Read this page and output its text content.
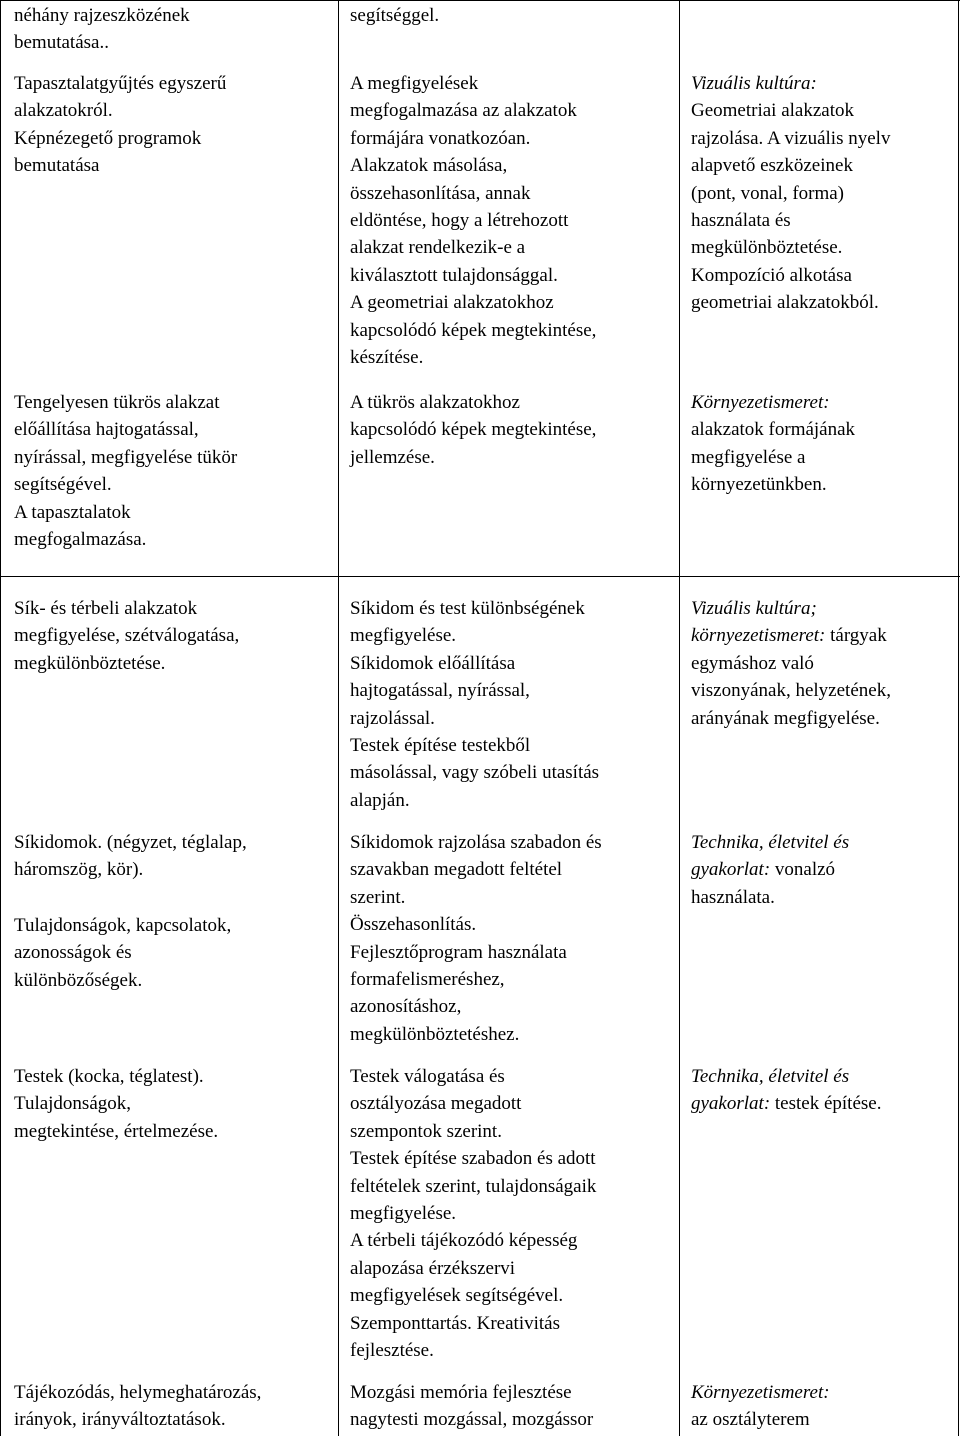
néhány rajzeszközének
bemutatása..
Tapasztalatgyűjtés egyszerű
alakzatokról.
Képnézegető programok
bemutatása
segítséggel.
A megfigyelések
megfogalmazása az alakzatok
formájára vonatkozóan.
Alakzatok másolása,
összehasonlítása, annak
eldöntése, hogy a létrehozott
alakzat rendelkezik-e a
kiválasztott tulajdonsággal.
A geometriai alakzatokhoz
kapcsolódó képek megtekintése,
készítése.
Vizuális kultúra:
Geometriai alakzatok
rajzolása. A vizuális nyelv
alapvető eszközeinek
(pont, vonal, forma)
használata és
megkülönböztetése.
Kompozíció alkotása
geometriai alakzatokból.
Tengelyesen tükrös alakzat
előállítása hajtogatással,
nyírással, megfigyelése tükör
segítségével.
A tapasztalatok
megfogalmazása.
A tükrös alakzatokhoz
kapcsolódó képek megtekintése,
jellemzése.
Környezetismeret:
alakzatok formájának
megfigyelése a
környezetünkben.
Sík- és térbeli alakzatok
megfigyelése, szétválogatása,
megkülönböztetése.
Síkidom és test különbségének
megfigyelése.
Síkidomok előállítása
hajtogatással, nyírással,
rajzolással.
Testek építése testekből
másolással, vagy szóbeli utasítás
alapján.
Vizuális kultúra;
környezetismeret: tárgyak
egymáshoz való
viszonyának, helyzetének,
arányának megfigyelése.
Síkidomok. (négyzet, téglalap,
háromszög, kör).
Tulajdonságok, kapcsolatok,
azonosságok és
különbözőségek.
Síkidomok rajzolása szabadon és
szavakban megadott feltétel
szerint.
Összehasonlítás.
Fejlesztőprogram használata
formafelismeréshez,
azonosításhoz,
megkülönböztetéshez.
Technika, életvitel és
gyakorlat: vonalzó
használata.
Testek (kocka, téglatest).
Tulajdonságok,
megtekintése, értelmezése.
Testek válogatása és
osztályozása megadott
szempontok szerint.
Testek építése szabadon és adott
feltételek szerint, tulajdonságaik
megfigyelése.
A térbeli tájékozódó képesség
alapozása érzékszervi
megfigyelések segítségével.
Szemponttartás. Kreativitás
fejlesztése.
Technika, életvitel és
gyakorlat: testek építése.
Tájékozódás, helymeghatározás,
irányok, irányváltoztatások.
Mozgási memória fejlesztése
nagytesti mozgással, mozgássor
Környezetismeret:
az osztályterem
